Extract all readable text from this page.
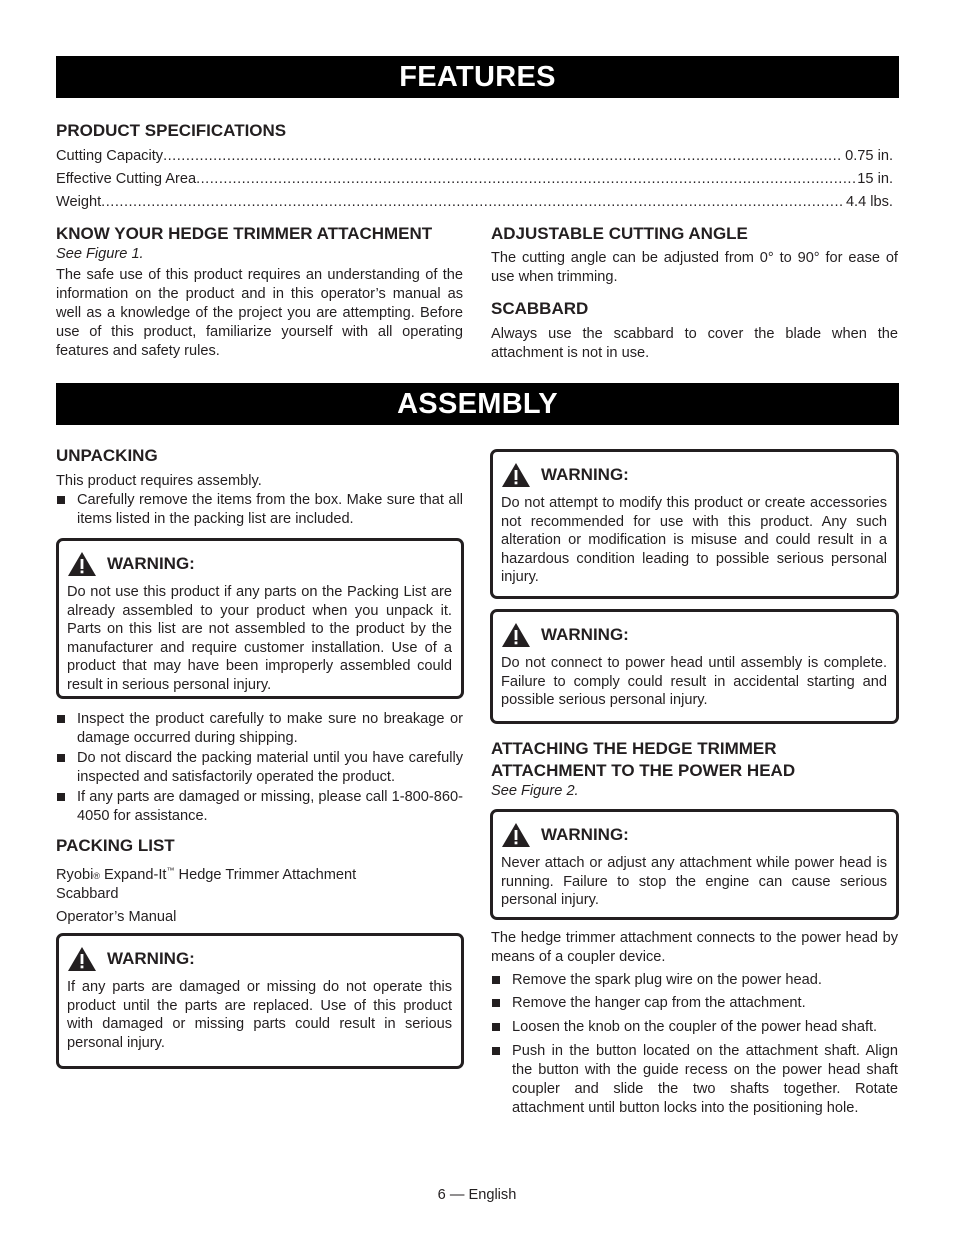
FEATURES
PRODUCT SPECIFICATIONS
Cutting Capacity .....	0.75 in.
Effective Cutting Area .....	15 in.
Weight .....	4.4 lbs.
KNOW YOUR HEDGE TRIMMER ATTACHMENT
See Figure 1.
The safe use of this product requires an understanding of the information on the product and in this operator’s manual as well as a knowledge of the project you are attempting. Before use of this product, familiarize yourself with all operating features and safety rules.
ADJUSTABLE CUTTING ANGLE
The cutting angle can be adjusted from 0° to 90° for ease of use when trimming.
SCABBARD
Always use the scabbard to cover the blade when the attachment is not in use.
ASSEMBLY
UNPACKING
This product requires assembly.
Carefully remove the items from the box. Make sure that all items listed in the packing list are included.
WARNING:
Do not use this product if any parts on the Packing List are already assembled to your product when you unpack it. Parts on this list are not assembled to the product by the manufacturer and require customer installation. Use of a product that may have been improperly assembled could result in serious personal injury.
Inspect the product carefully to make sure no breakage or damage occurred during shipping.
Do not discard the packing material until you have carefully inspected and satisfactorily operated the product.
If any parts are damaged or missing, please call 1-800-860-4050 for assistance.
PACKING LIST
Ryobi® Expand-It™ Hedge Trimmer Attachment
Scabbard
Operator’s Manual
WARNING:
If any parts are damaged or missing do not operate this product until the parts are replaced. Use of this product with damaged or missing parts could result in serious personal injury.
WARNING:
Do not attempt to modify this product or create accessories not recommended for use with this product. Any such alteration or modification is misuse and could result in a hazardous condition leading to possible serious personal injury.
WARNING:
Do not connect to power head until assembly is complete. Failure to comply could result in accidental starting and possible serious personal injury.
ATTACHING THE HEDGE TRIMMER ATTACHMENT TO THE POWER HEAD
See Figure 2.
WARNING:
Never attach or adjust any attachment while power head is running. Failure to stop the engine can cause serious personal injury.
The hedge trimmer attachment connects to the power head by means of a coupler device.
Remove the spark plug wire on the power head.
Remove the hanger cap from the attachment.
Loosen the knob on the coupler of the power head shaft.
Push in the button located on the attachment shaft. Align the button with the guide recess on the power head shaft coupler and slide the two shafts together. Rotate attachment until button locks into the positioning hole.
6 — English
